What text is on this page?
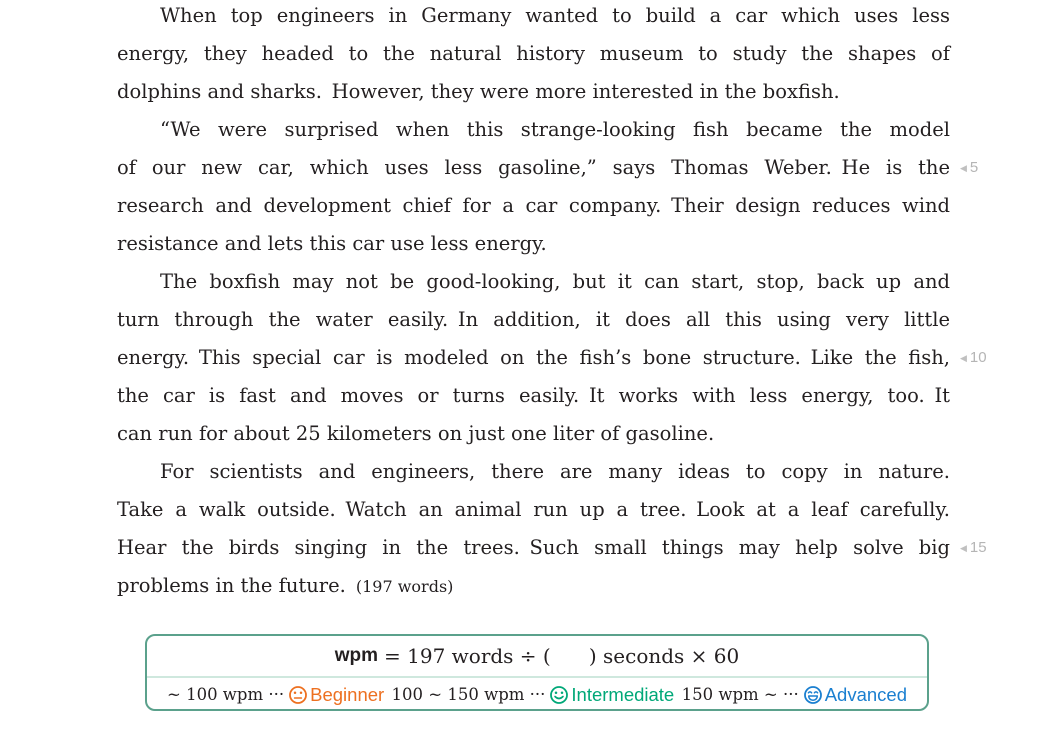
When top engineers in Germany wanted to build a car which uses less
energy, they headed to the natural history museum to study the shapes of
dolphins and sharks. However, they were more interested in the boxfish.
“We were surprised when this strange-looking fish became the model
of our new car, which uses less gasoline,” says Thomas Weber. He is the
research and development chief for a car company. Their design reduces wind
resistance and lets this car use less energy.
The boxfish may not be good-looking, but it can start, stop, back up and
turn through the water easily. In addition, it does all this using very little
energy. This special car is modeled on the fish’s bone structure. Like the fish,
the car is fast and moves or turns easily. It works with less energy, too. It
can run for about 25 kilometers on just one liter of gasoline.
For scientists and engineers, there are many ideas to copy in nature.
Take a walk outside. Watch an animal run up a tree. Look at a leaf carefully.
Hear the birds singing in the trees. Such small things may help solve big
problems in the future. (197 words)
◀ 5
◀ 10
◀ 15
wpm = 197 words ÷ (      ) seconds × 60
~ 100 wpm ··· Beginner 100 ~ 150 wpm ··· Intermediate 150 wpm ~ ··· Advanced
